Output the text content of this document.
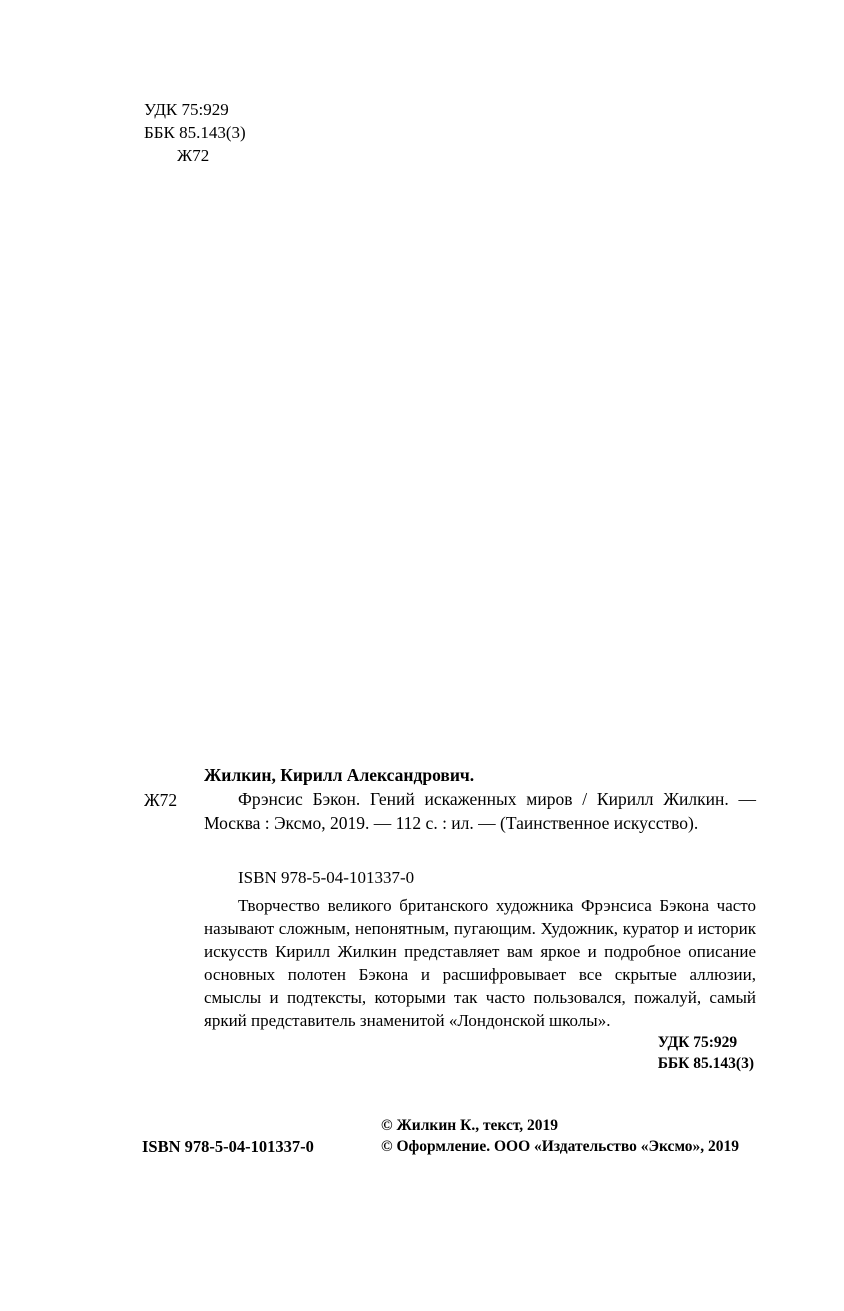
УДК 75:929
ББК 85.143(3)
Ж72
Жилкин, Кирилл Александрович.
Ж72	Фрэнсис Бэкон. Гений искаженных миров / Кирилл Жилкин. — Москва : Эксмо, 2019. — 112 с. : ил. — (Таинственное искусство).
ISBN 978-5-04-101337-0
Творчество великого британского художника Фрэнсиса Бэкона часто называют сложным, непонятным, пугающим. Художник, куратор и историк искусств Кирилл Жилкин представляет вам яркое и подробное описание основных полотен Бэкона и расшифровывает все скрытые аллюзии, смыслы и подтексты, которыми так часто пользовался, пожалуй, самый яркий представитель знаменитой «Лондонской школы».
УДК 75:929
ББК 85.143(3)
ISBN 978-5-04-101337-0
© Жилкин К., текст, 2019
© Оформление. ООО «Издательство «Эксмо», 2019
